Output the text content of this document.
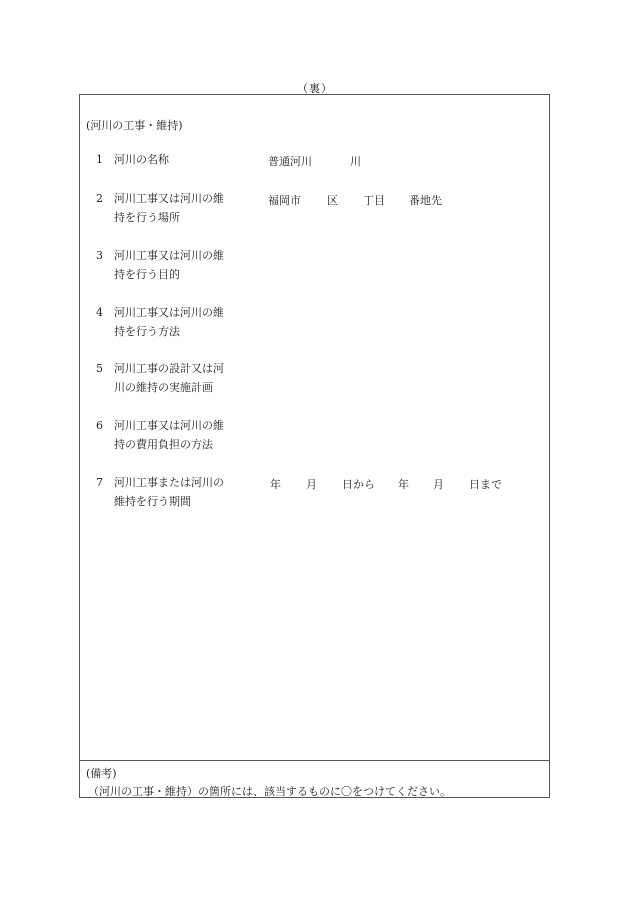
（裏）
(河川の工事・維持)
1 河川の名称	普通河川	川
2 河川工事又は河川の維
持を行う場所
福岡市 区 丁目 番地先
3 河川工事又は河川の維
持を行う目的
4 河川工事又は河川の維
持を行う方法
5 河川工事の設計又は河
川の維持の実施計画
6 河川工事又は河川の維
持の費用負担の方法
7 河川工事または河川の
維持を行う期間
年 月 日から 年 月 日まで
(備考)
（河川の工事・維持）の箇所には、該当するものに〇をつけてください。
